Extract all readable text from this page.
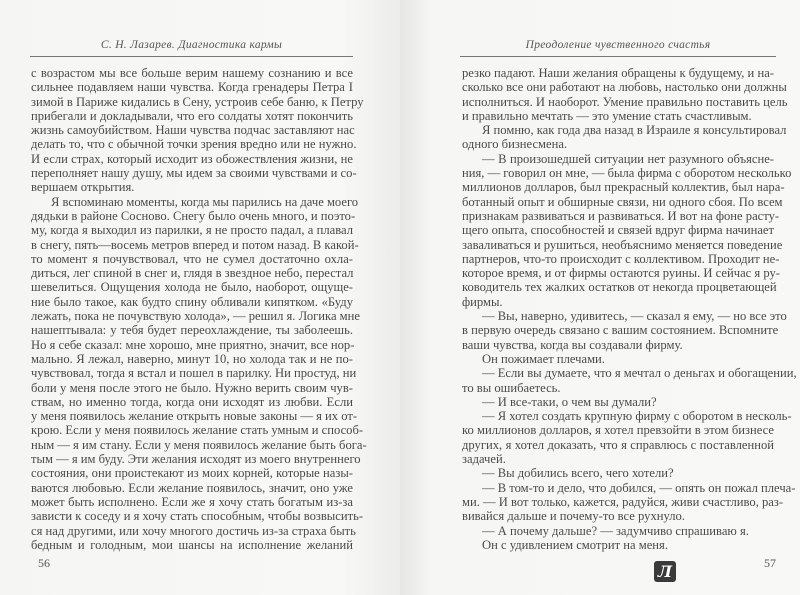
С. Н. Лазарев. Диагностика кармы
с возрастом мы все больше верим нашему сознанию и все
сильнее подавляем наши чувства. Когда гренадеры Петра I
зимой в Париже кидались в Сену, устроив себе баню, к Петру
прибегали и докладывали, что его солдаты хотят покончить
жизнь самоубийством. Наши чувства подчас заставляют нас
делать то, что с обычной точки зрения вредно или не нужно.
И если страх, который исходит из обожествления жизни, не
переполняет нашу душу, мы идем за своими чувствами и со-
вершаем открытия.
Я вспоминаю моменты, когда мы парились на даче моего
дядьки в районе Сосново. Снегу было очень много, и поэто-
му, когда я выходил из парилки, я не просто падал, а плавал
в снегу, пять—восемь метров вперед и потом назад. В какой-
то момент я почувствовал, что не сумел достаточно охла-
диться, лег спиной в снег и, глядя в звездное небо, перестал
шевелиться. Ощущения холода не было, наоборот, ощуще-
ние было такое, как будто спину обливали кипятком. «Буду
лежать, пока не почувствую холода», — решил я. Логика мне
нашептывала: у тебя будет переохлаждение, ты заболеешь.
Но я себе сказал: мне хорошо, мне приятно, значит, все нор-
мально. Я лежал, наверно, минут 10, но холода так и не по-
чувствовал, тогда я встал и пошел в парилку. Ни простуд, ни
боли у меня после этого не было. Нужно верить своим чув-
ствам, но именно тогда, когда они исходят из любви. Если
у меня появилось желание открыть новые законы — я их от-
крою. Если у меня появилось желание стать умным и способ-
ным — я им стану. Если у меня появилось желание быть бога-
тым — я им буду. Эти желания исходят из моего внутреннего
состояния, они проистекают из моих корней, которые назы-
ваются любовью. Если желание появилось, значит, оно уже
может быть исполнено. Если же я хочу стать богатым из-за
зависти к соседу и я хочу стать способным, чтобы возвысить-
ся над другими, или хочу многого достичь из-за страха быть
бедным и голодным, мои шансы на исполнение желаний
56
Преодоление чувственного счастья
резко падают. Наши желания обращены к будущему, и на-
сколько все они работают на любовь, настолько они должны
исполниться. И наоборот. Умение правильно поставить цель
и правильно мечтать — это умение стать счастливым.
Я помню, как года два назад в Израиле я консультировал
одного бизнесмена.
— В произошедшей ситуации нет разумного объясне-
ния, — говорил он мне, — была фирма с оборотом несколько
миллионов долларов, был прекрасный коллектив, был нара-
ботанный опыт и обширные связи, ни одного сбоя. По всем
признакам развиваться и развиваться. И вот на фоне расту-
щего опыта, способностей и связей вдруг фирма начинает
заваливаться и рушиться, необъяснимо меняется поведение
партнеров, что-то происходит с коллективом. Проходит не-
которое время, и от фирмы остаются руины. И сейчас я ру-
ководитель тех жалких остатков от некогда процветающей
фирмы.
— Вы, наверно, удивитесь, — сказал я ему, — но все это
в первую очередь связано с вашим состоянием. Вспомните
ваши чувства, когда вы создавали фирму.
Он пожимает плечами.
— Если вы думаете, что я мечтал о деньгах и обогащении,
то вы ошибаетесь.
— И все-таки, о чем вы думали?
— Я хотел создать крупную фирму с оборотом в несколь-
ко миллионов долларов, я хотел превзойти в этом бизнесе
других, я хотел доказать, что я справлюсь с поставленной
задачей.
— Вы добились всего, чего хотели?
— В том-то и дело, что добился, — опять он пожал плеча-
ми. — И вот только, кажется, радуйся, живи счастливо, раз-
вивайся дальше и почему-то все рухнуло.
— А почему дальше? — задумчиво спрашиваю я.
Он с удивлением смотрит на меня.
57
Л
